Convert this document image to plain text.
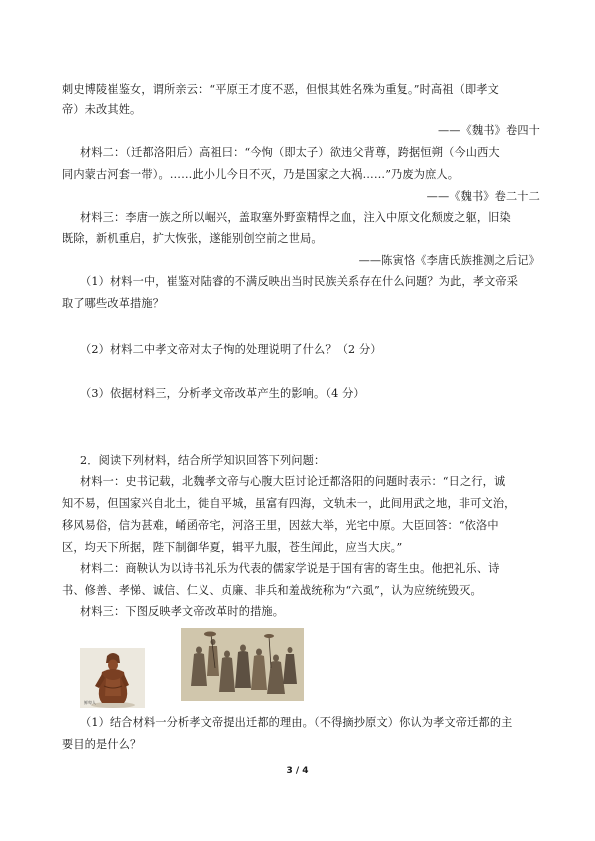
刺史博陵崔鉴女，谓所亲云：“平原王才度不恶，但恨其姓名殊为重复。”时高祖（即孝文
帝）未改其姓。
——《魏书》卷四十
材料二：（迁都洛阳后）高祖曰：“今恂（即太子）欲违父背尊，跨据恒朔（今山西大
同内蒙古河套一带）。……此小儿今日不灭，乃是国家之大祸……”乃废为庶人。
——《魏书》卷二十二
材料三：李唐一族之所以崛兴，盖取塞外野蛮精悍之血，注入中原文化颓废之躯，旧染
既除，新机重启，扩大恢张，遂能别创空前之世局。
——陈寅恪《李唐氏族推测之后记》
（1）材料一中，崔鉴对陆睿的不满反映出当时民族关系存在什么问题？为此，孝文帝采
取了哪些改革措施？
（2）材料二中孝文帝对太子恂的处理说明了什么？（2 分）
（3）依据材料三，分析孝文帝改革产生的影响。（4 分）
2．阅读下列材料，结合所学知识回答下列问题：
材料一：史书记载，北魏孝文帝与心腹大臣讨论迁都洛阳的问题时表示：“日之行，诚
知不易，但国家兴自北土，徙自平城，虽富有四海，文轨未一，此间用武之地，非可文治，
移风易俗，信为甚难，崤函帝宅，河洛王里，因兹大举，光宅中原。大臣回答：“依洛中
区，均天下所据，陛下制御华夏，辑平九服，苍生闻此，应当大庆。”
材料二：商鞅认为以诗书礼乐为代表的儒家学说是于国有害的寄生虫。他把礼乐、诗
书、修善、孝悌、诚信、仁义、贞廉、非兵和羞战统称为“六虱”，认为应统统毁灭。
材料三：下图反映孝文帝改革时的措施。
鲜卑人
（1）结合材料一分析孝文帝提出迁都的理由。（不得摘抄原文）你认为孝文帝迁都的主
要目的是什么？
3 / 4
